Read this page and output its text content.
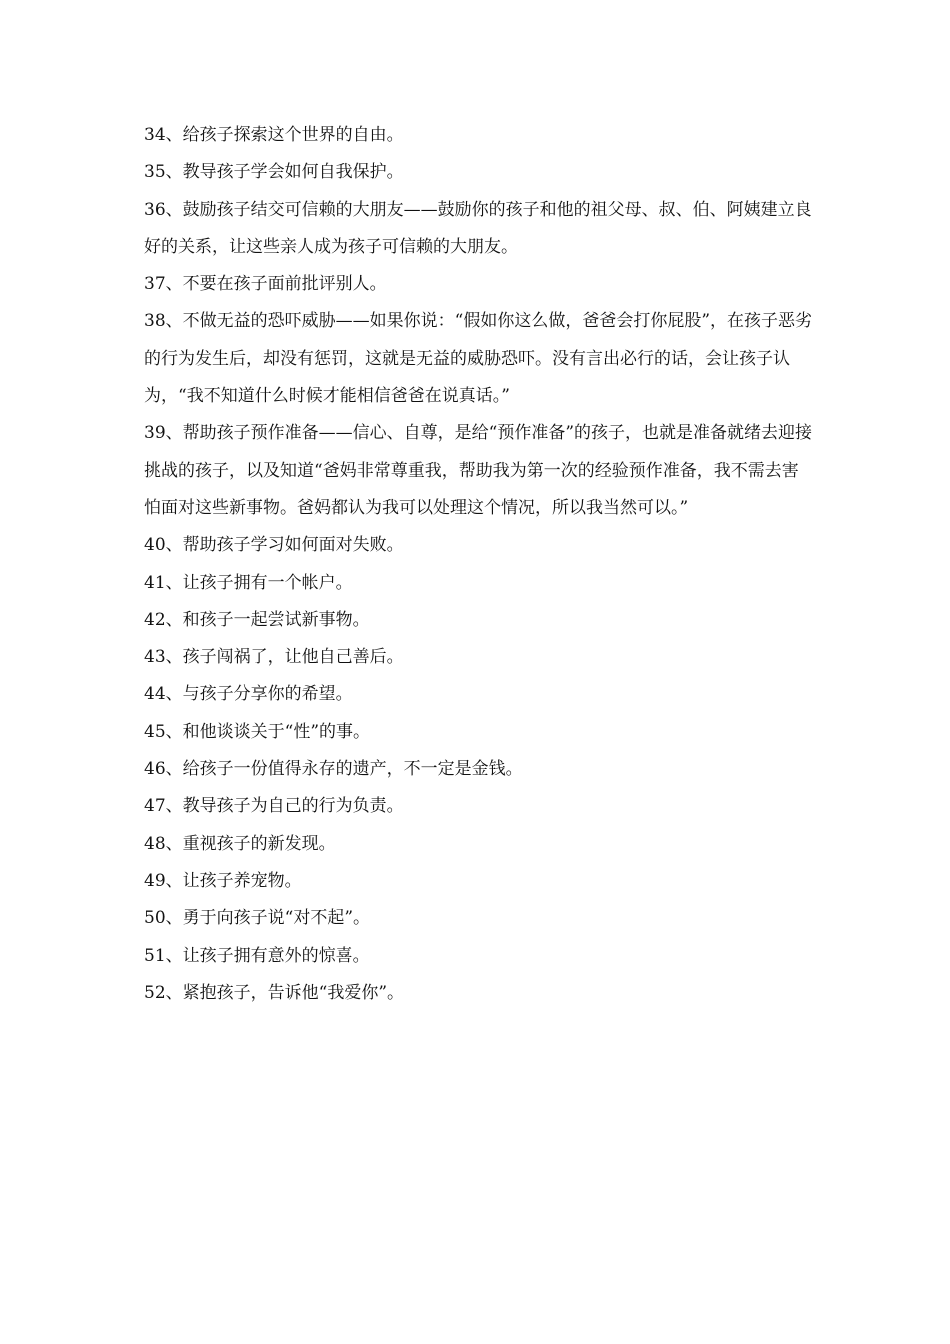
34、给孩子探索这个世界的自由。

35、教导孩子学会如何自我保护。

36、鼓励孩子结交可信赖的大朋友——鼓励你的孩子和他的祖父母、叔、伯、阿姨建立良好的关系，让这些亲人成为孩子可信赖的大朋友。

37、不要在孩子面前批评别人。

38、不做无益的恐吓威胁——如果你说：“假如你这么做，爸爸会打你屁股”，在孩子恶劣的行为发生后，却没有惩罚，这就是无益的威胁恐吓。没有言出必行的话，会让孩子认为，“我不知道什么时候才能相信爸爸在说真话。”

39、帮助孩子预作准备——信心、自尊，是给“预作准备”的孩子，也就是准备就绪去迎接挑战的孩子，以及知道“爸妈非常尊重我，帮助我为第一次的经验预作准备，我不需去害怕面对这些新事物。爸妈都认为我可以处理这个情况，所以我当然可以。”

40、帮助孩子学习如何面对失败。

41、让孩子拥有一个帐户。

42、和孩子一起尝试新事物。

43、孩子闯祸了，让他自己善后。

44、与孩子分享你的希望。

45、和他谈谈关于“性”的事。

46、给孩子一份值得永存的遗产，不一定是金钱。

47、教导孩子为自己的行为负责。

48、重视孩子的新发现。

49、让孩子养宠物。

50、勇于向孩子说“对不起”。

51、让孩子拥有意外的惊喜。

52、紧抱孩子，告诉他“我爱你”。
